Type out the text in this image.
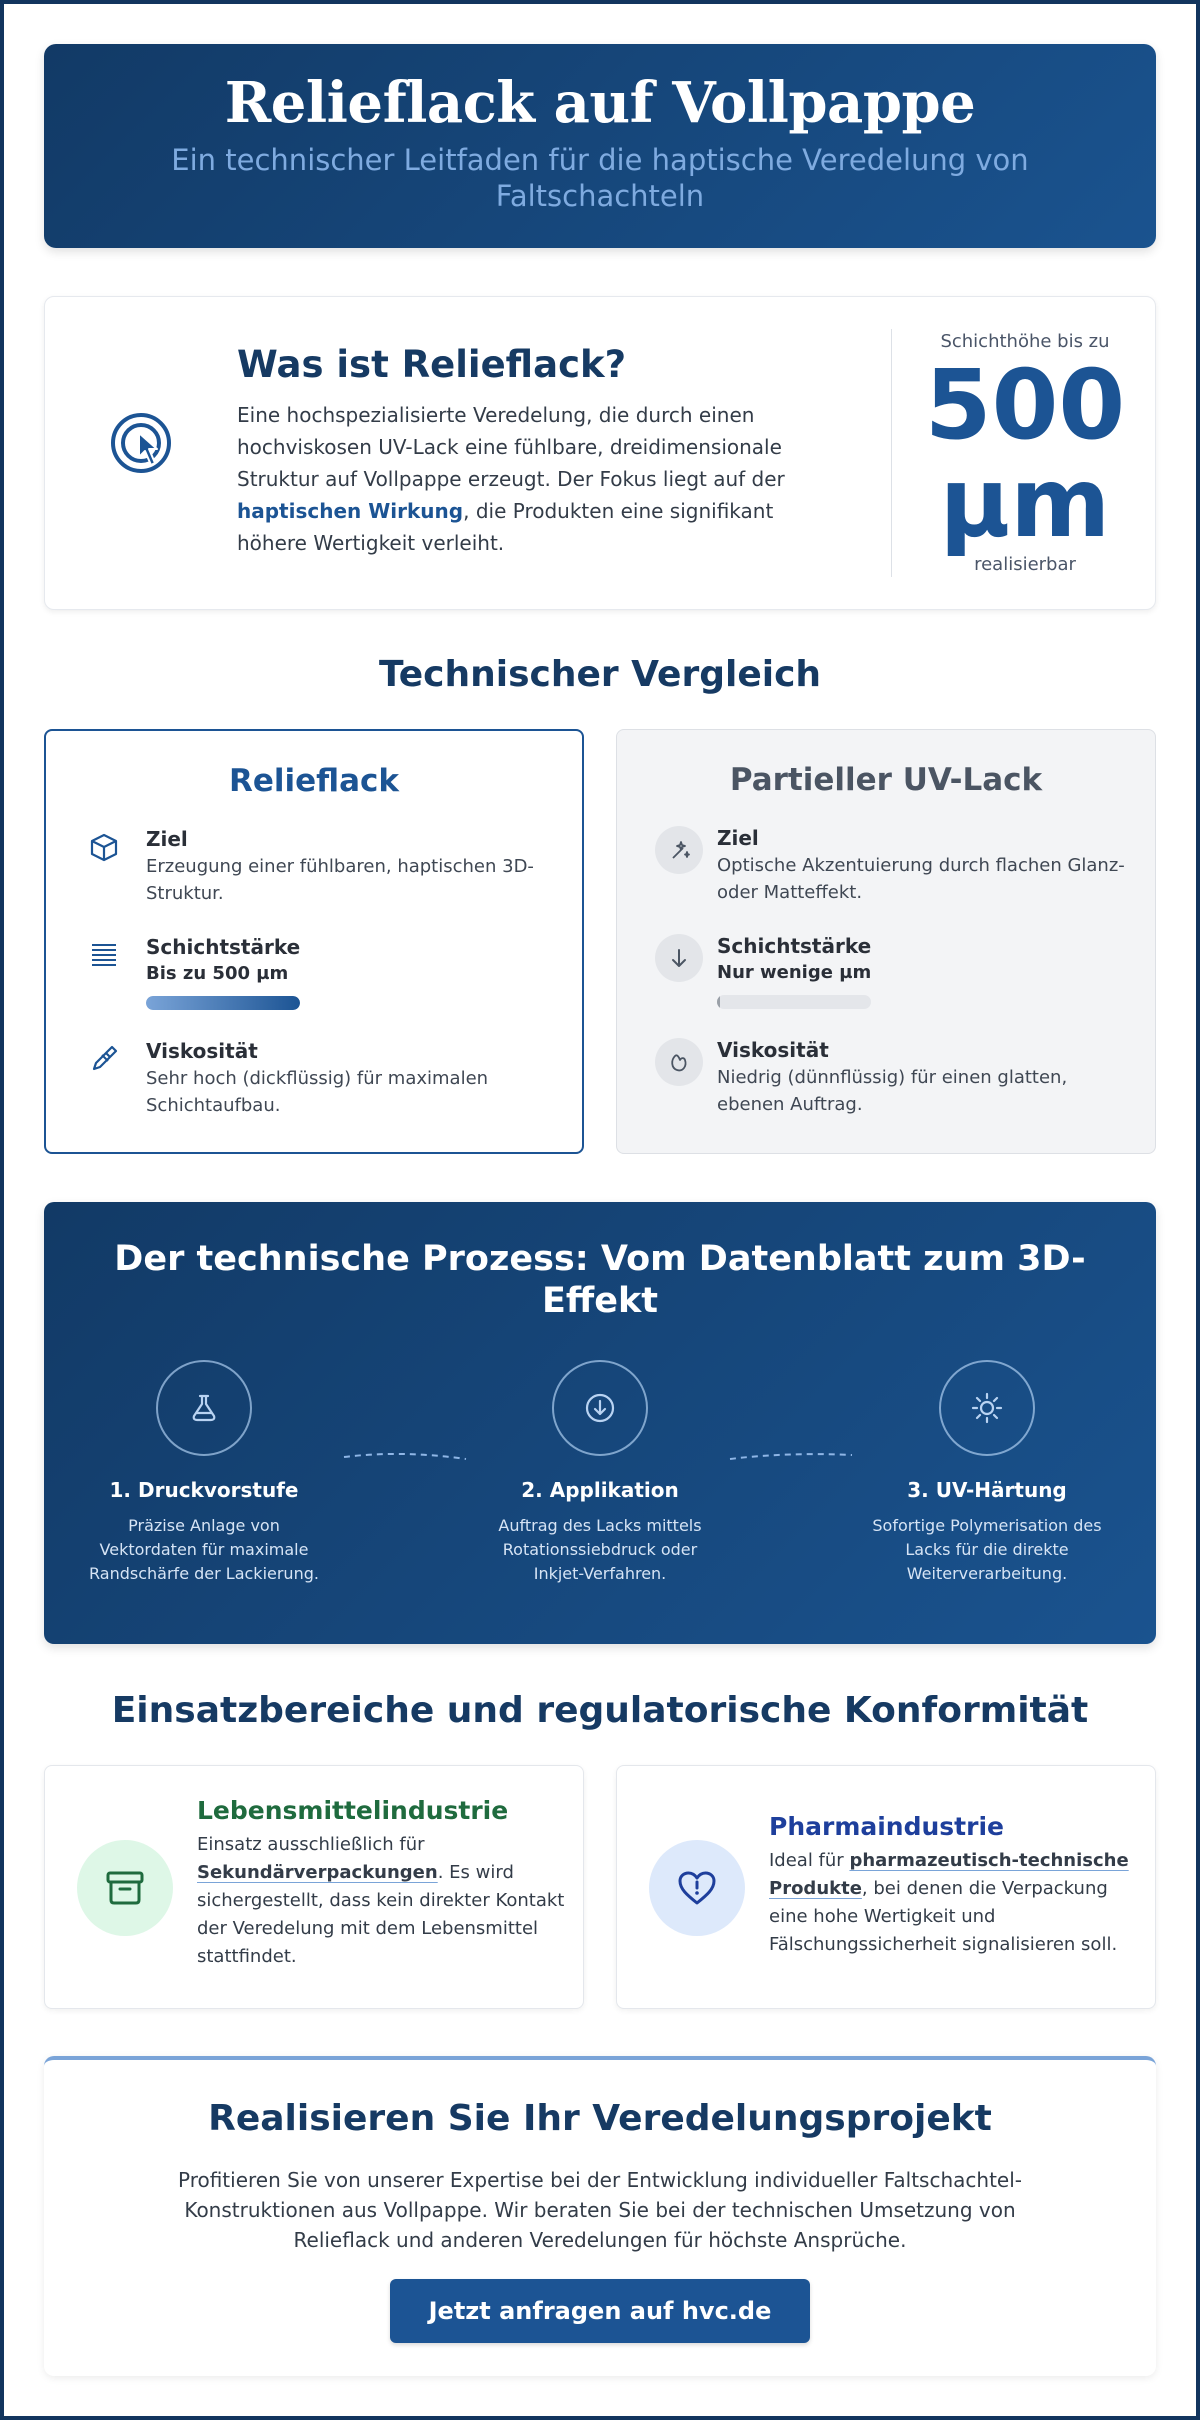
Relieflack auf Vollpappe
Ein technischer Leitfaden für die haptische Veredelung von Faltschachteln
Was ist Relieflack?

Eine hochspezialisierte Veredelung, die durch einen hochviskosen UV-Lack eine fühlbare, dreidimensionale Struktur auf Vollpappe erzeugt. Der Fokus liegt auf der haptischen Wirkung, die Produkten eine signifikant höhere Wertigkeit verleiht.

Schichthöhe bis zu
500
µm
realisierbar
Technischer Vergleich
Relieflack
Ziel
Erzeugung einer fühlbaren, haptischen 3D-Struktur.
Schichtstärke
Bis zu 500 µm
Viskosität
Sehr hoch (dickflüssig) für maximalen Schichtaufbau.
Partieller UV-Lack
Ziel
Optische Akzentuierung durch flachen Glanz- oder Matteffekt.
Schichtstärke
Nur wenige µm
Viskosität
Niedrig (dünnflüssig) für einen glatten, ebenen Auftrag.
Der technische Prozess: Vom Datenblatt zum 3D-Effekt
1. Druckvorstufe
Präzise Anlage von Vektordaten für maximale Randschärfe der Lackierung.
2. Applikation
Auftrag des Lacks mittels Rotationssiebdruck oder Inkjet-Verfahren.
3. UV-Härtung
Sofortige Polymerisation des Lacks für die direkte Weiterverarbeitung.
Einsatzbereiche und regulatorische Konformität
Lebensmittelindustrie

Einsatz ausschließlich für Sekundärverpackungen. Es wird sichergestellt, dass kein direkter Kontakt der Veredelung mit dem Lebensmittel stattfindet.

Pharmaindustrie

Ideal für pharmazeutisch-technische Produkte, bei denen die Verpackung eine hohe Wertigkeit und Fälschungssicherheit signalisieren soll.

Realisieren Sie Ihr Veredelungsprojekt

Profitieren Sie von unserer Expertise bei der Entwicklung individueller Faltschachtel-Konstruktionen aus Vollpappe. Wir beraten Sie bei der technischen Umsetzung von Relieflack und anderen Veredelungen für höchste Ansprüche.

Jetzt anfragen auf hvc.de
